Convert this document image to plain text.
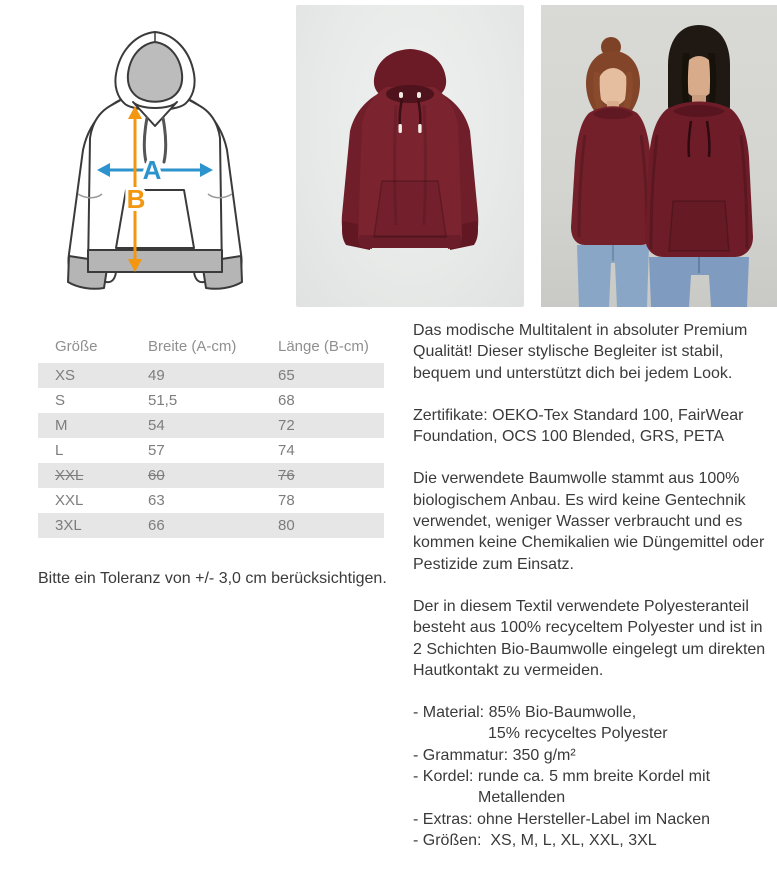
A
B
Größe	Breite (A-cm)	Länge (B-cm)
XS	49	65
S	51,5	68
M	54	72
L	57	74
XXL	60	76
XXL	63	78
3XL	66	80
Bitte ein Toleranz von +/- 3,0 cm berücksichtigen.

Das modische Multitalent in absoluter Premium Qualität! Dieser stylische Begleiter ist stabil, bequem und unterstützt dich bei jedem Look.

Zertifikate: OEKO-Tex Standard 100, FairWear Foundation, OCS 100 Blended, GRS, PETA

Die verwendete Baumwolle stammt aus 100% biologischem Anbau. Es wird keine Gentechnik verwendet, weniger Wasser verbraucht und es kommen keine Chemikalien wie Düngemittel oder Pestizide zum Einsatz.

Der in diesem Textil verwendete Polyesteranteil besteht aus 100% recyceltem Polyester und ist in 2 Schichten Bio-Baumwolle eingelegt um direkten Hautkontakt zu vermeiden.

- Material: 85% Bio-Baumwolle,
15% recyceltes Polyester
- Grammatur: 350 g/m²
- Kordel: runde ca. 5 mm breite Kordel mit
Metallenden
- Extras: ohne Hersteller-Label im Nacken
- Größen:  XS, M, L, XL, XXL, 3XL
